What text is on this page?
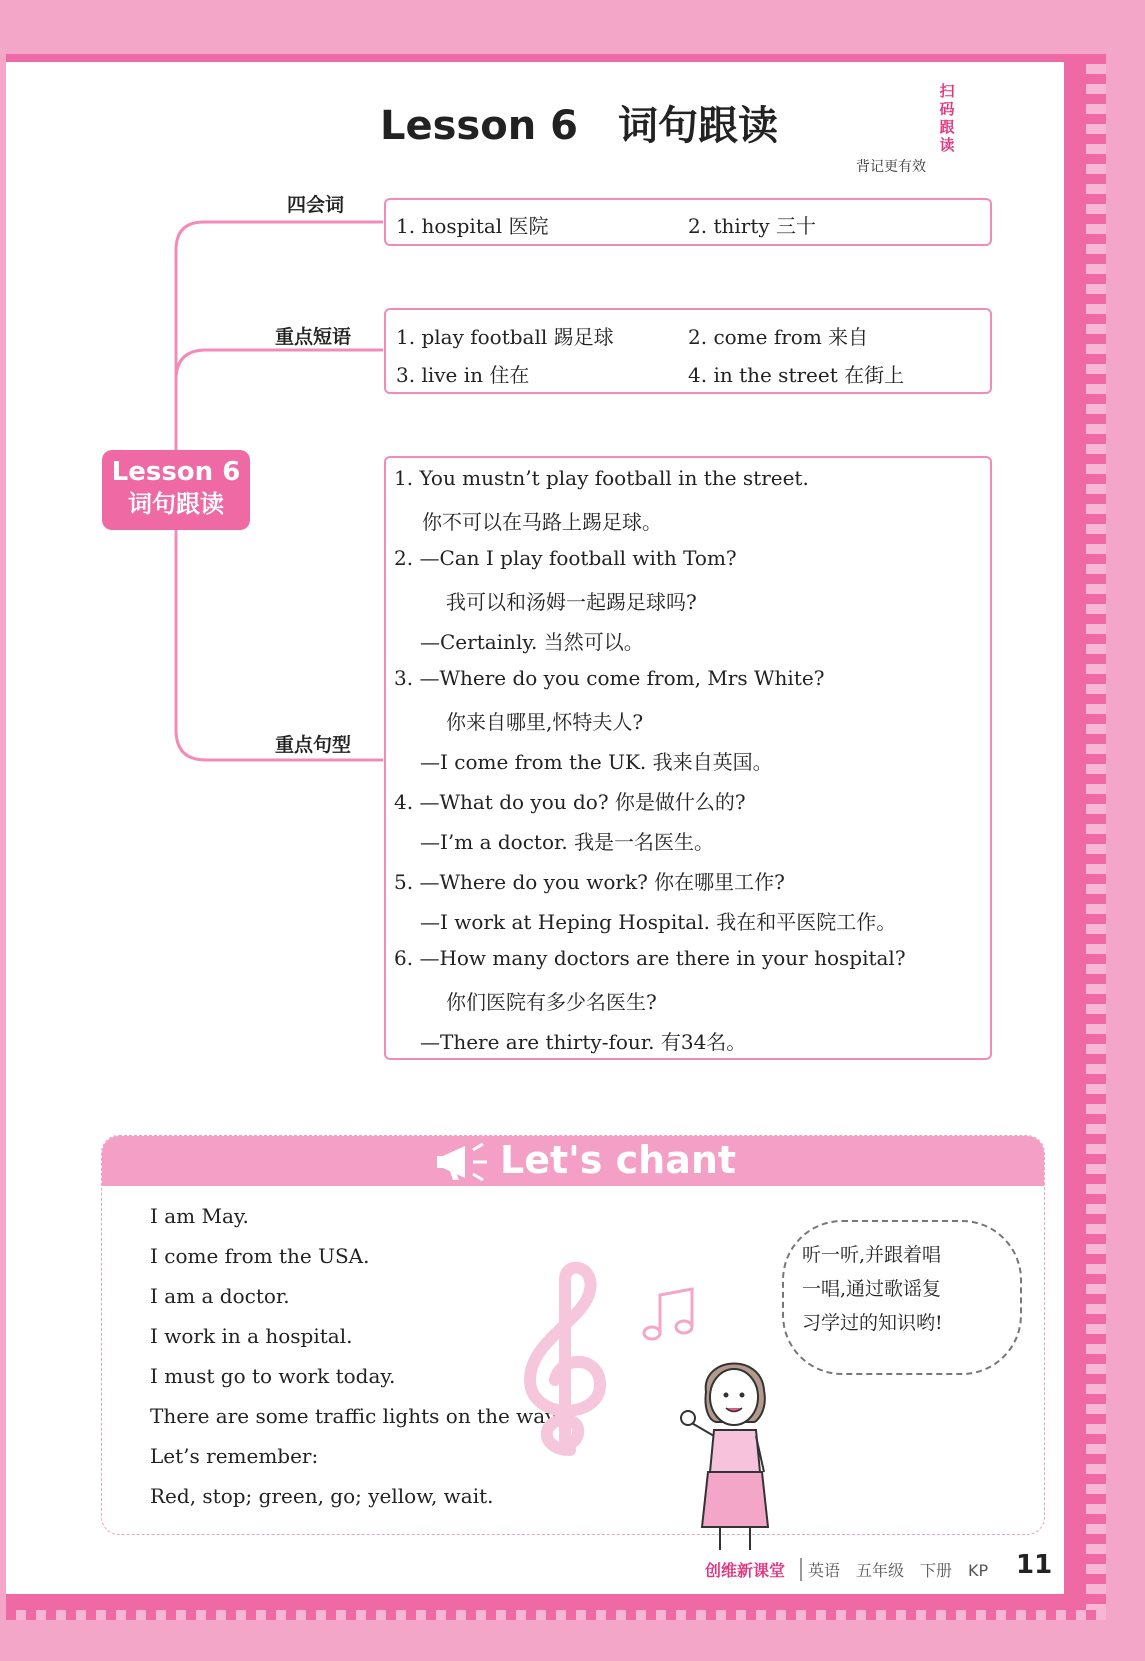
Lesson 6　词句跟读
扫
码
跟
读
背记更有效
Lesson 6
词句跟读
四会词
1. hospital 医院	2. thirty 三十
重点短语 1. play football 踢足球	2. come from 来自
3. live in 住在	4. in the street 在街上
重点句型
1. You mustn’t play football in the street.
你不可以在马路上踢足球。
2. —Can I play football with Tom?
我可以和汤姆一起踢足球吗?
—Certainly. 当然可以。
3. —Where do you come from, Mrs White?
你来自哪里,怀特夫人?
—I come from the UK. 我来自英国。
4. —What do you do? 你是做什么的?
—I’m a doctor. 我是一名医生。
5. —Where do you work? 你在哪里工作?
—I work at Heping Hospital. 我在和平医院工作。
6. —How many doctors are there in your hospital?
你们医院有多少名医生?
—There are thirty-four. 有34名。
Let's chant
I am May.
I come from the USA.
I am a doctor.
I work in a hospital.
I must go to work today.
There are some traffic lights on the way.
Let’s remember:
Red, stop; green, go; yellow, wait.
听一听,并跟着唱
一唱,通过歌谣复
习学过的知识哟!
创维新课堂	英语　五年级　下册　KP 11
